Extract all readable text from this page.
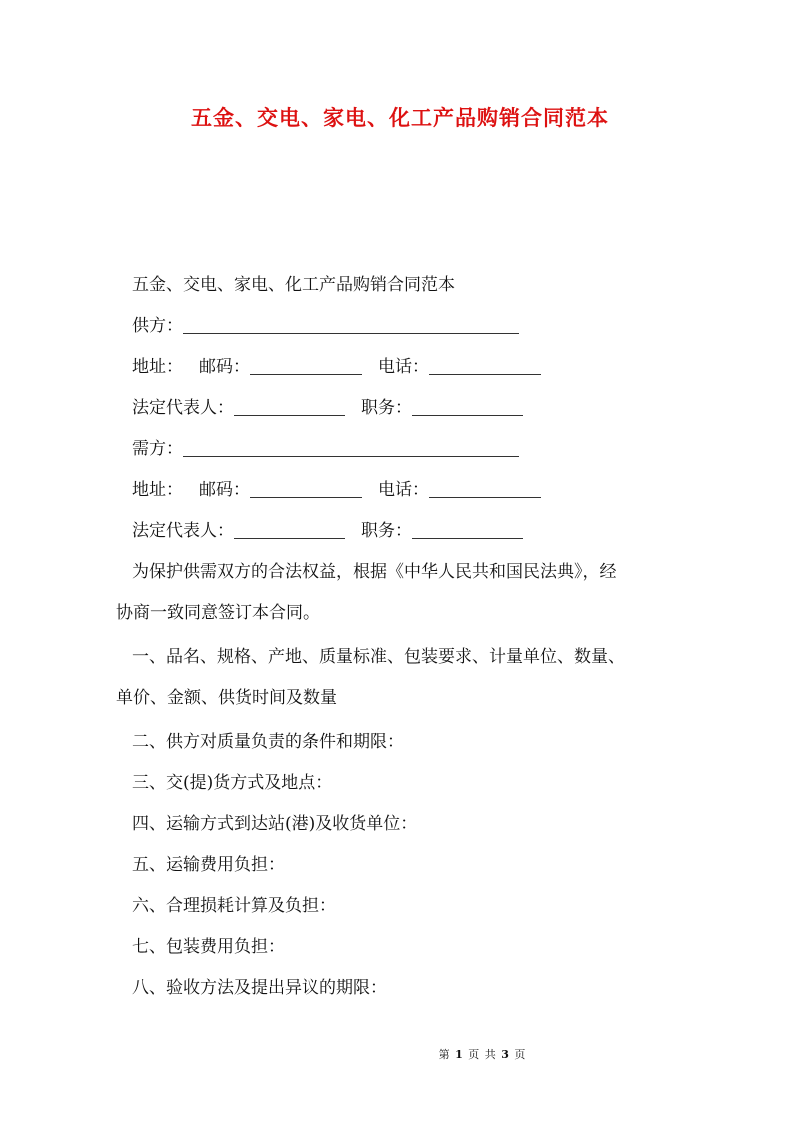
五金、交电、家电、化工产品购销合同范本
五金、交电、家电、化工产品购销合同范本
供方：
地址： 邮码：	电话：
法定代表人：	职务：
需方：
地址： 邮码：	电话：
法定代表人：	职务：
为保护供需双方的合法权益，根据《中华人民共和国民法典》，经
协商一致同意签订本合同。
一、品名、规格、产地、质量标准、包装要求、计量单位、数量、
单价、金额、供货时间及数量
二、供方对质量负责的条件和期限：
三、交(提)货方式及地点：
四、运输方式到达站(港)及收货单位：
五、运输费用负担：
六、合理损耗计算及负担：
七、包装费用负担：
八、验收方法及提出异议的期限：
第 1 页 共 3 页
